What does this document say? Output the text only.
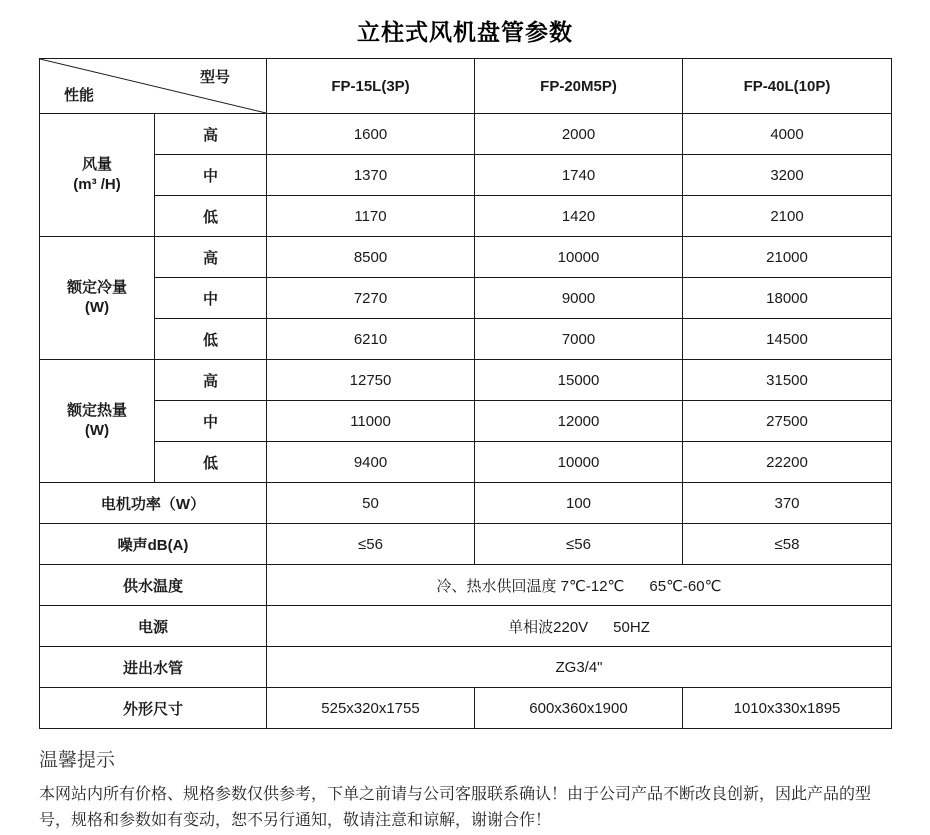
立柱式风机盘管参数
型号
性能		FP-15L(3P)	FP-20M5P)	FP-40L(10P)

风量
(m³ /H)	高	1600	2000	4000
	中	1370	1740	3200
	低	1170	1420	2100

额定冷量
(W)	高	8500	10000	21000
	中	7270	9000	18000
	低	6210	7000	14500

额定热量
(W)	高	12750	15000	31500
	中	11000	12000	27500
	低	9400	10000	22200
电机功率（W）		50	100	370
噪声dB(A)		≤56	≤56	≤58
供水温度		冷、热水供回温度 7℃-12℃      65℃-60℃		
电源		单相波220V      50HZ		
进出水管		ZG3/4"		
外形尺寸		525x320x1755	600x360x1900	1010x330x1895
温馨提示
本网站内所有价格、规格参数仅供参考，下单之前请与公司客服联系确认！由于公司产品不断改良创新，因此产品的型号，规格和参数如有变动，恕不另行通知，敬请注意和谅解，谢谢合作！
